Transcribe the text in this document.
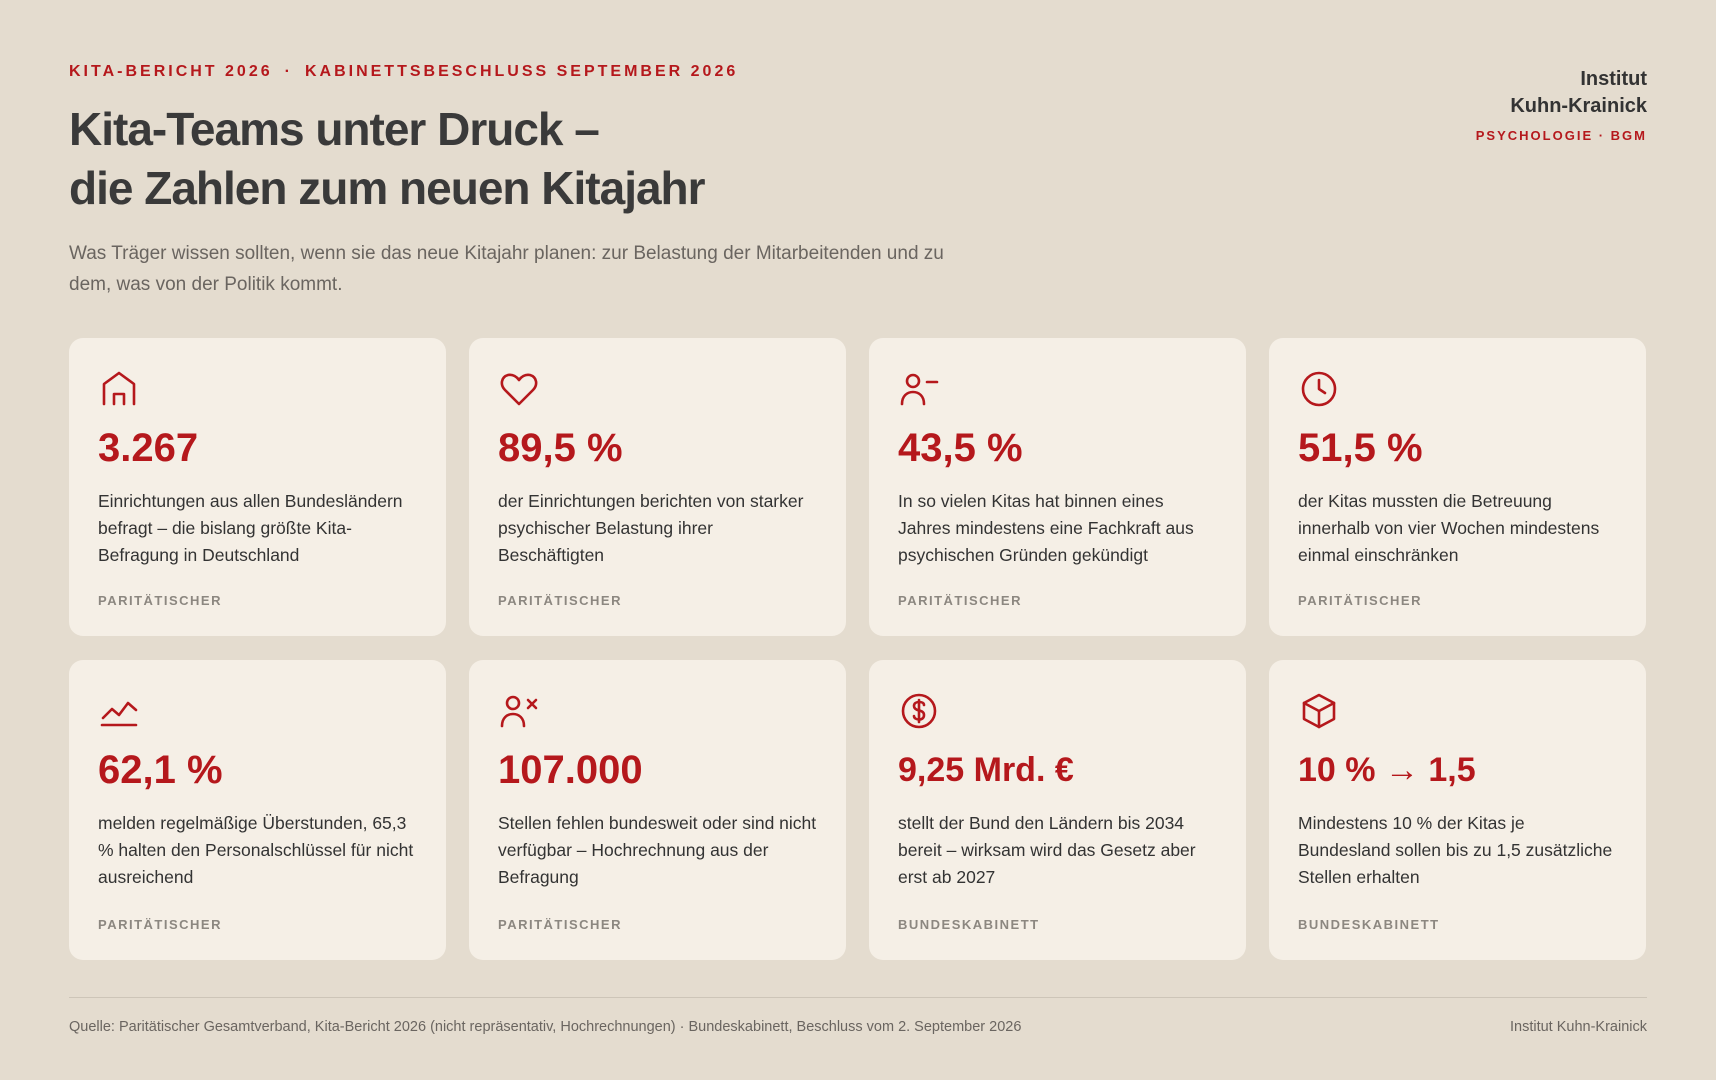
KITA-BERICHT 2026 · KABINETTSBESCHLUSS SEPTEMBER 2026
Kita-Teams unter Druck –
die Zahlen zum neuen Kitajahr

Was Träger wissen sollten, wenn sie das neue Kitajahr planen: zur Belastung der Mitarbeitenden und zu dem, was von der Politik kommt.

Institut
Kuhn-Krainick
PSYCHOLOGIE · BGM
3.267
Einrichtungen aus allen Bundesländern befragt – die bislang größte Kita-Befragung in Deutschland
PARITÄTISCHER
89,5 %
der Einrichtungen berichten von starker psychischer Belastung ihrer Beschäftigten
PARITÄTISCHER
43,5 %
In so vielen Kitas hat binnen eines Jahres mindestens eine Fachkraft aus psychischen Gründen gekündigt
PARITÄTISCHER
51,5 %
der Kitas mussten die Betreuung innerhalb von vier Wochen mindestens einmal einschränken
PARITÄTISCHER
62,1 %
melden regelmäßige Überstunden, 65,3 % halten den Personalschlüssel für nicht ausreichend
PARITÄTISCHER
107.000
Stellen fehlen bundesweit oder sind nicht verfügbar – Hochrechnung aus der Befragung
PARITÄTISCHER
9,25 Mrd. €
stellt der Bund den Ländern bis 2034 bereit – wirksam wird das Gesetz aber erst ab 2027
BUNDESKABINETT
10 % → 1,5
Mindestens 10 % der Kitas je Bundesland sollen bis zu 1,5 zusätzliche Stellen erhalten
BUNDESKABINETT
Quelle: Paritätischer Gesamtverband, Kita-Bericht 2026 (nicht repräsentativ, Hochrechnungen) · Bundeskabinett, Beschluss vom 2. September 2026	Institut Kuhn-Krainick
